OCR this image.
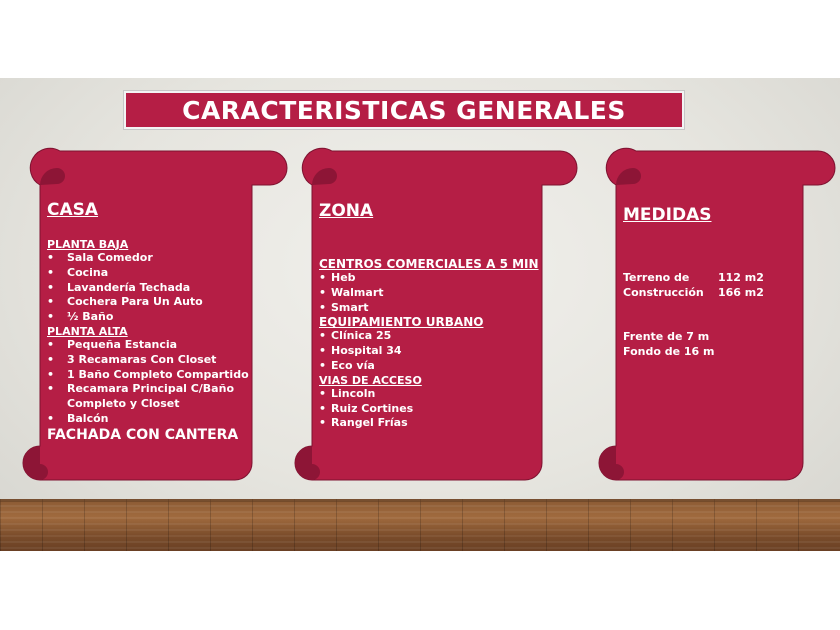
CARACTERISTICAS GENERALES
CASA
PLANTA BAJA
• Sala Comedor
• Cocina
• Lavandería Techada
• Cochera Para Un Auto
• ½ Baño
PLANTA ALTA
• Pequeña Estancia
• 3 Recamaras Con Closet
• 1 Baño Completo Compartido
• Recamara Principal C/Baño Completo y Closet
• Balcón
FACHADA CON CANTERA
ZONA
CENTROS COMERCIALES A 5 MIN
• Heb
• Walmart
• Smart
EQUIPAMIENTO URBANO
• Clínica 25
• Hospital 34
• Eco vía
VIAS DE ACCESO
• Lincoln
• Ruiz Cortines
• Rangel Frías
MEDIDAS
Terreno de	112 m2
Construcción	166 m2
Frente de 7 m
Fondo de 16 m
